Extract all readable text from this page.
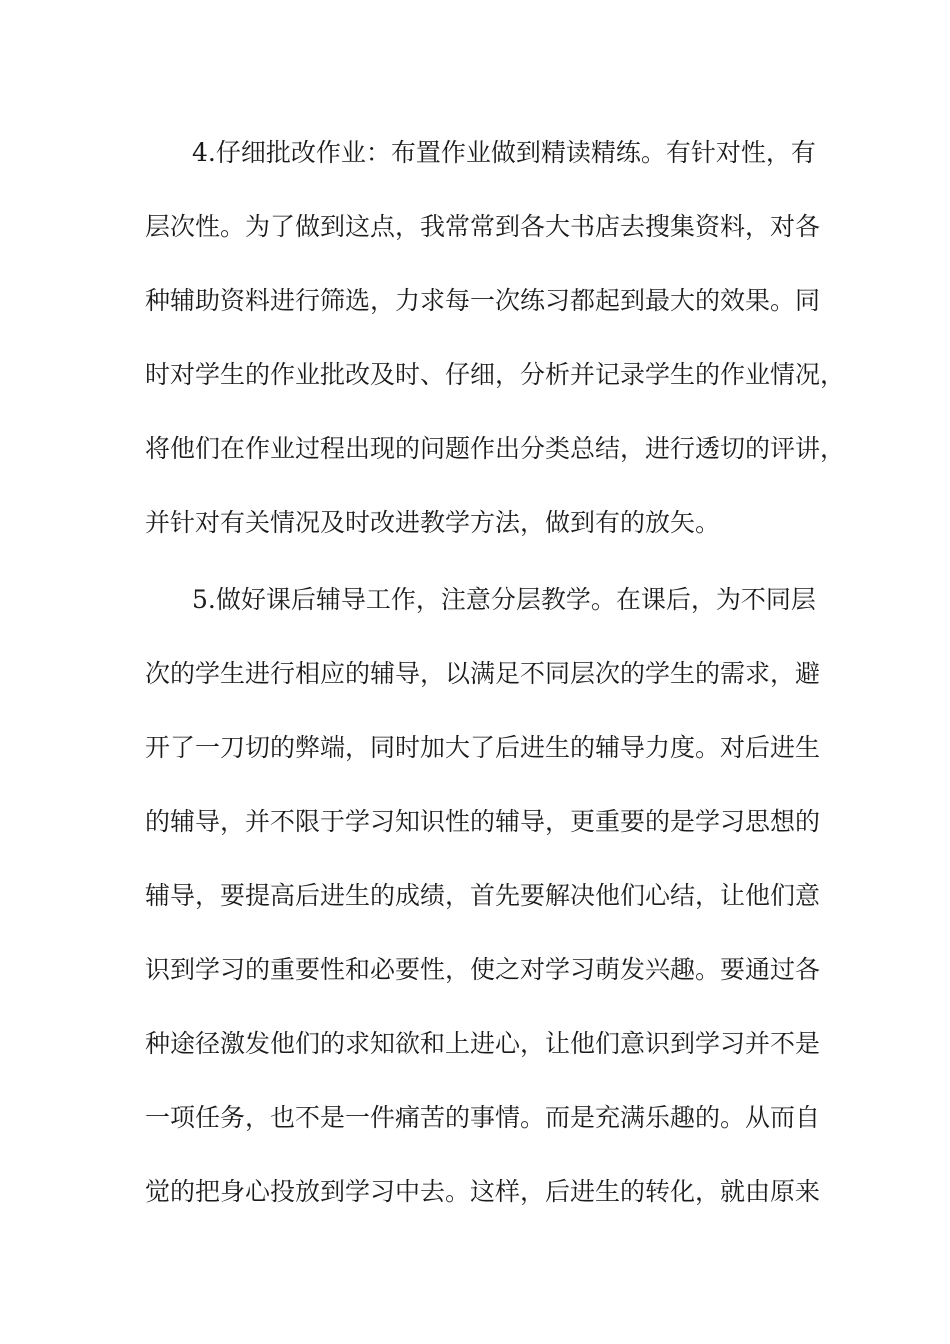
4.仔细批改作业：布置作业做到精读精练。有针对性，有
层次性。为了做到这点，我常常到各大书店去搜集资料，对各
种辅助资料进行筛选，力求每一次练习都起到最大的效果。同
时对学生的作业批改及时、仔细，分析并记录学生的作业情况，
将他们在作业过程出现的问题作出分类总结，进行透切的评讲，
并针对有关情况及时改进教学方法，做到有的放矢。
5.做好课后辅导工作，注意分层教学。在课后，为不同层
次的学生进行相应的辅导，以满足不同层次的学生的需求，避
开了一刀切的弊端，同时加大了后进生的辅导力度。对后进生
的辅导，并不限于学习知识性的辅导，更重要的是学习思想的
辅导，要提高后进生的成绩，首先要解决他们心结，让他们意
识到学习的重要性和必要性，使之对学习萌发兴趣。要通过各
种途径激发他们的求知欲和上进心，让他们意识到学习并不是
一项任务，也不是一件痛苦的事情。而是充满乐趣的。从而自
觉的把身心投放到学习中去。这样，后进生的转化，就由原来
